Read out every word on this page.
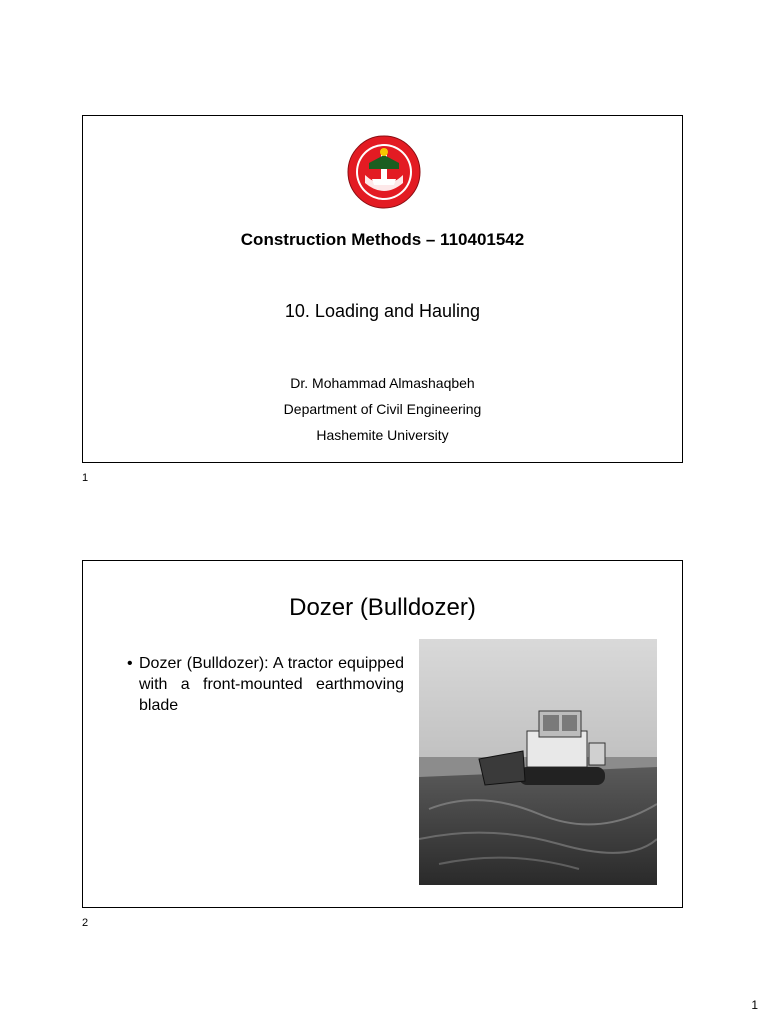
Construction Methods – 110401542
10. Loading and Hauling
Dr. Mohammad Almashaqbeh
Department of Civil Engineering
Hashemite University
1
Dozer (Bulldozer)
• Dozer (Bulldozer): A tractor equipped with a front-mounted earthmoving blade
2
1
